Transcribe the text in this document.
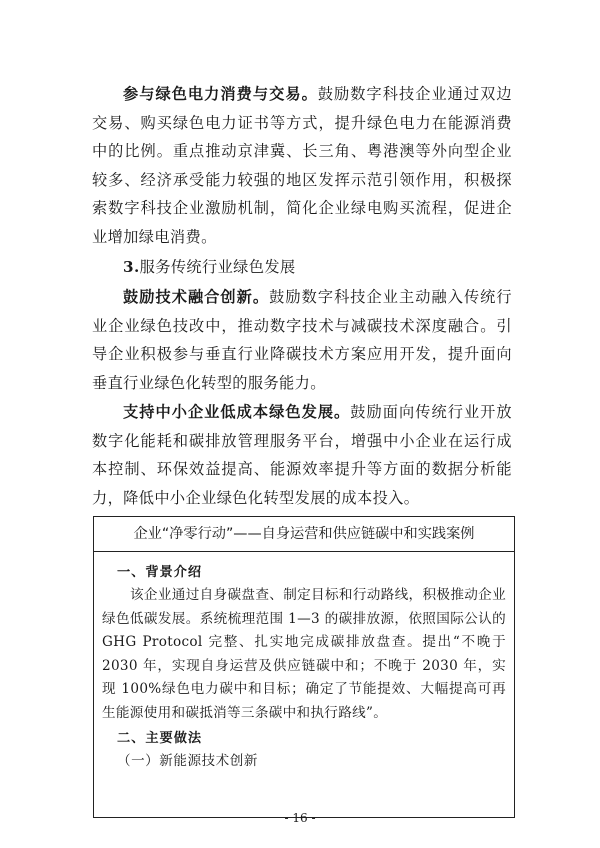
参与绿色电力消费与交易。鼓励数字科技企业通过双边交易、购买绿色电力证书等方式，提升绿色电力在能源消费中的比例。重点推动京津冀、长三角、粤港澳等外向型企业较多、经济承受能力较强的地区发挥示范引领作用，积极探索数字科技企业激励机制，简化企业绿电购买流程，促进企业增加绿电消费。

3.服务传统行业绿色发展

鼓励技术融合创新。鼓励数字科技企业主动融入传统行业企业绿色技改中，推动数字技术与减碳技术深度融合。引导企业积极参与垂直行业降碳技术方案应用开发，提升面向垂直行业绿色化转型的服务能力。

支持中小企业低成本绿色发展。鼓励面向传统行业开放数字化能耗和碳排放管理服务平台，增强中小企业在运行成本控制、环保效益提高、能源效率提升等方面的数据分析能力，降低中小企业绿色化转型发展的成本投入。

企业“净零行动”——自身运营和供应链碳中和实践案例

一、背景介绍

该企业通过自身碳盘查、制定目标和行动路线，积极推动企业绿色低碳发展。系统梳理范围 1—3 的碳排放源，依照国际公认的 GHG Protocol 完整、扎实地完成碳排放盘查。提出“不晚于 2030 年，实现自身运营及供应链碳中和；不晚于 2030 年，实现 100%绿色电力碳中和目标；确定了节能提效、大幅提高可再生能源使用和碳抵消等三条碳中和执行路线”。

二、主要做法

（一）新能源技术创新

- 16 -
